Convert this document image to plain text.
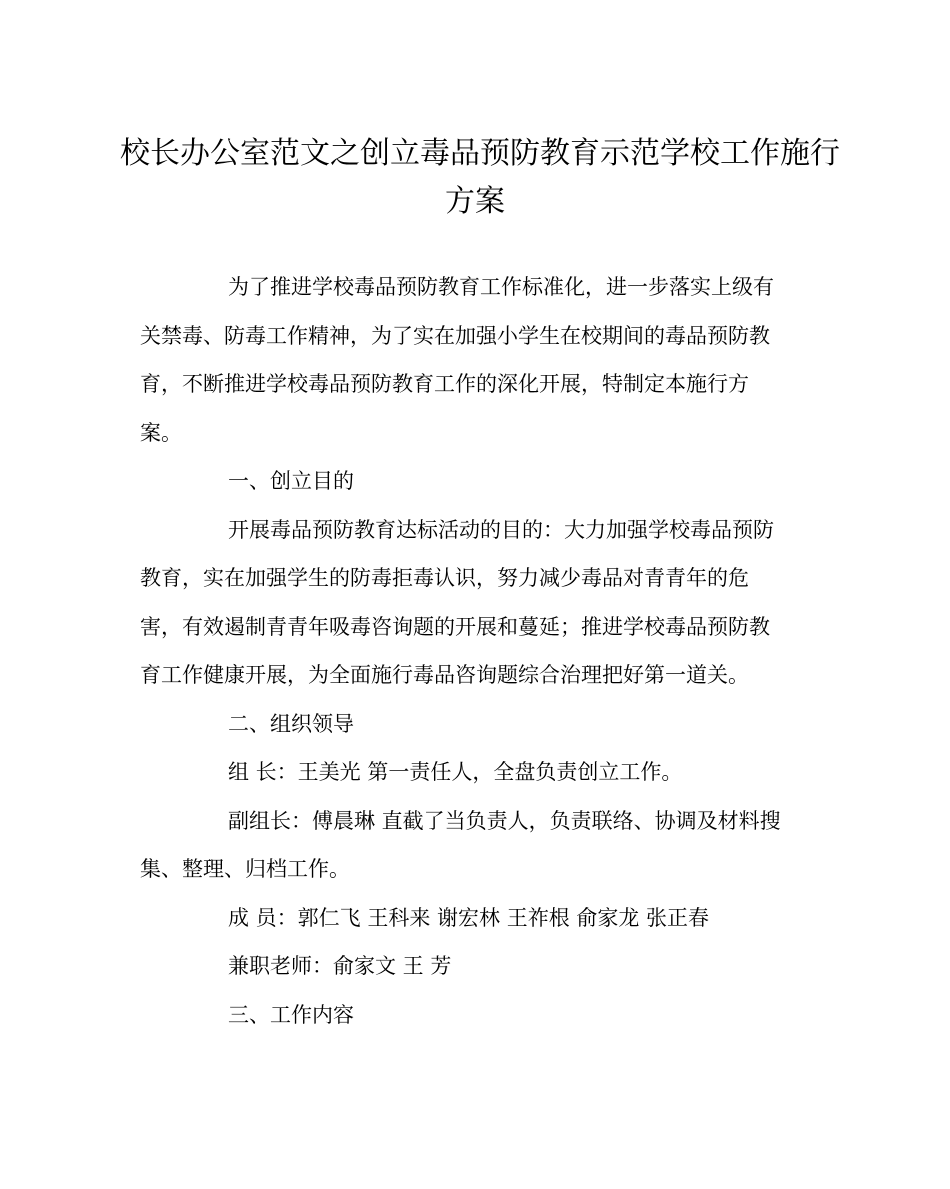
校长办公室范文之创立毒品预防教育示范学校工作施行
方案
为了推进学校毒品预防教育工作标准化，进一步落实上级有
关禁毒、防毒工作精神，为了实在加强小学生在校期间的毒品预防教
育，不断推进学校毒品预防教育工作的深化开展，特制定本施行方
案。
一、创立目的
开展毒品预防教育达标活动的目的：大力加强学校毒品预防
教育，实在加强学生的防毒拒毒认识，努力减少毒品对青青年的危
害，有效遏制青青年吸毒咨询题的开展和蔓延；推进学校毒品预防教
育工作健康开展，为全面施行毒品咨询题综合治理把好第一道关。
二、组织领导
组 长：王美光 第一责任人，全盘负责创立工作。
副组长：傅晨琳 直截了当负责人，负责联络、协调及材料搜
集、整理、归档工作。
成 员：郭仁飞 王科来 谢宏林 王祚根 俞家龙 张正春
兼职老师：俞家文 王 芳
三、工作内容
